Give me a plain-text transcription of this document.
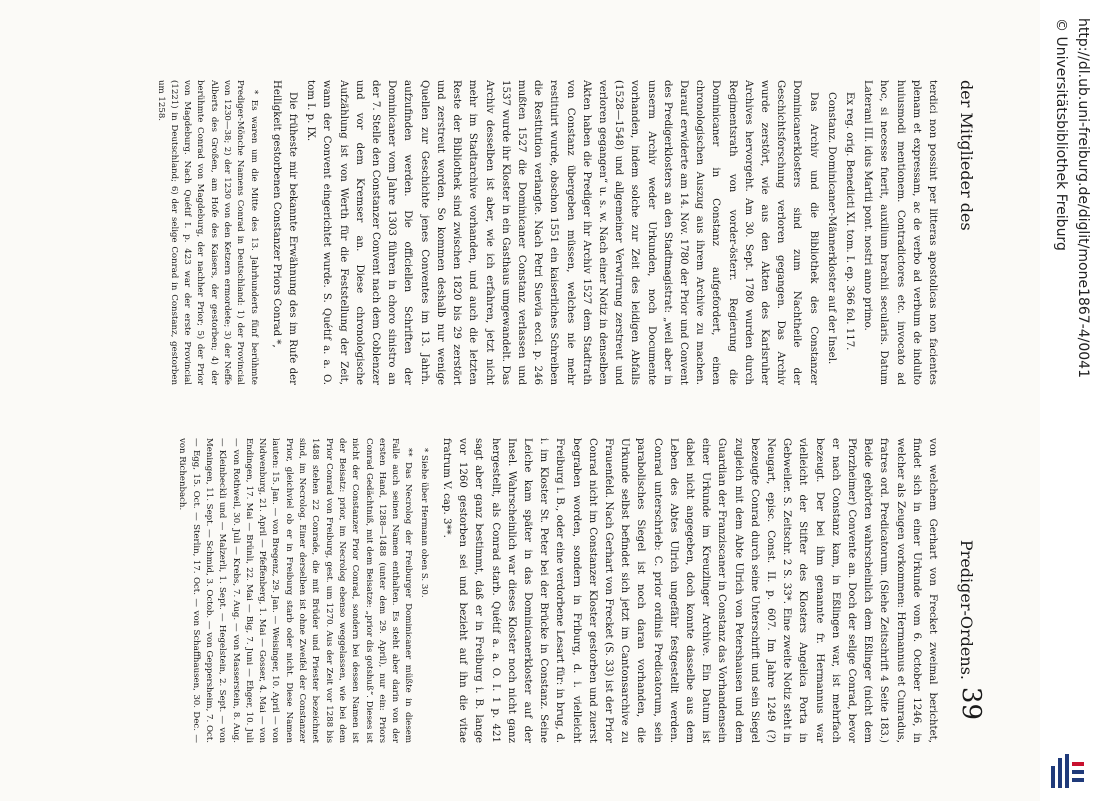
der Mitglieder des
Prediger-Ordens.
39

terdici non possint per litteras apostolicas non facientes plenam et expressam, ac de verbo ad verbum de indulto huiusmodi mentionem. Contradictores etc. invocato ad hoc, si necesse fuerit, auxilium brachii secularis. Datum Laterani III. idus Martii pont. nostri anno primo.

Ex reg. orig. Benedicti XI. tom. I. ep. 366 fol. 117.

Constanz. Dominicaner-Männerkloster auf der Insel.

Das Archiv und die Bibliothek des Constanzer Dominicanerklosters sind zum Nachtheile der Geschichtsforschung verloren gegangen. Das Archiv wurde zerstört, wie aus den Akten des Karlsruher Archives hervorgeht. Am 30. Sept. 1780 wurden durch Regimentsrath von vorder-österr. Regierung die Dominicaner in Constanz aufgefordert, einen chronologischen Auszug aus ihrem Archive zu machen. Darauf erwiderte am 14. Nov. 1780 der Prior und Convent des Predigerklosters an den Stadtmagistrat: „weil aber in unserm Archiv weder Urkunden, noch Documente vorhanden, indem solche zur Zeit des leidigen Abfalls (1528—1548) und allgemeiner Verwirrung zerstreut und verloren gegangen“ u. s. w. Nach einer Notiz in denselben Akten haben die Prediger ihr Archiv 1527 dem Stadtrath von Constanz übergeben müssen, welches nie mehr restituirt wurde, obschon 1551 ein kaiserliches Schreiben die Restitution verlangte. Nach Petri Suevia eccl. p. 246 mußten 1527 die Dominicaner Constanz verlassen und 1537 wurde ihr Kloster in ein Gasthaus umgewandelt. Das Archiv desselben ist aber, wie ich erfahren, jetzt nicht mehr im Stadtarchive vorhanden, und auch die letzten Reste der Bibliothek sind zwischen 1820 bis 29 zerstört und zerstreut worden. So kommen deshalb nur wenige Quellen zur Geschichte jenes Conventes im 13. Jahrh. aufzufinden werden. Die officiellen Schriften der Dominicaner vom Jahre 1303 führen in choro sinistro an der 7. Stelle den Constanzer Convent nach dem Coblenzer und vor dem Kremser an. Diese chronologische Aufzählung ist von Werth für die Feststellung der Zeit, wann der Convent eingerichtet wurde. S. Quétif a. a. O. tom I. p. IX.

Die früheste mir bekannte Erwähnung des im Rufe der Heiligkeit gestorbenen Constanzer Priors Conrad *,

* Es waren um die Mitte des 13. Jahrhunderts fünf berühmte Prediger-Mönche Namens Conrad in Deutschland: 1) der Provincial von 1230—38; 2) der 1230 von den Ketzern ermordete; 3) der Neffe Alberts des Großen, am Hofe des Kaisers, der gestorben; 4) der berühmte Conrad von Magdeburg, der nachher Prior; 5) der Prior von Magdeburg. Nach Quétif I. p. 423 war der erste Provincial (1221) in Deutschland; 6) der selige Conrad in Constanz, gestorben um 1258.

von welchem Gerhart von Frecket zweimal berichtet, findet sich in einer Urkunde vom 6. October 1246, in welcher als Zeugen vorkommen: Hermannus et Cunradus, fratres ord. Predicatorum. (Siehe Zeitschrift 4 Seite 183.) Beide gehörten wahrscheinlich dem Eßlinger (nicht dem Pforzheimer) Convente an. Doch der selige Conrad, bevor er nach Constanz kam, in Eßlingen war, ist mehrfach bezeugt. Der bei ihm genannte fr. Hermannus war vielleicht der Stifter des Klosters Angelica Porta in Gebweiler. S. Zeitschr. 2 S. 33*. Eine zweite Notiz steht in Neugart, episc. Const. II. p. 607. Im Jahre 1249 (?) bezeugte Conrad durch seine Unterschrift und sein Siegel zugleich mit dem Abte Ulrich von Petershausen und dem Guardian der Franziscaner in Constanz das Vorhandensein einer Urkunde im Kreuzlinger Archive. Ein Datum ist dabei nicht angegeben, doch konnte dasselbe aus dem Leben des Abtes Ulrich ungefähr festgestellt werden. Conrad unterschrieb: C. prior ordinis Predicatorum, sein parabolisches Siegel ist noch daran vorhanden, die Urkunde selbst befindet sich jetzt im Cantonsarchive zu Frauenfeld. Nach Gerhart von Frecket (S. 33) ist der Prior Conrad nicht im Constanzer Kloster gestorben und zuerst begraben worden, sondern in Friburg, d. i. vielleicht Freiburg i. B., oder eine verdorbene Lesart für: in brug, d. i. im Kloster St. Peter bei der Brücke in Constanz. Seine Leiche kam später in das Dominicanerkloster auf der Insel. Wahrscheinlich war dieses Kloster noch nicht ganz hergestellt, als Conrad starb. Quétif a. a. O. I. 1 p. 421 sagt aber ganz bestimmt, daß er in Freiburg i. B. lange vor 1260 gestorben sei und bezieht auf ihn die vitae fratrum V. cap. 3**.

* Siehe über Hermann oben S. 30.

** Das Necrolog der Freiburger Dominicaner müßte in diesem Falle auch seinen Namen enthalten. Es steht aber darin von der ersten Hand, 1288—1488 (unter dem 29. April), nur ein: Priors Conrad Gedächtniß, mit dem Beisatze: „prior dis gotshuß“. Dieses ist nicht der Constanzer Prior Conrad, sondern bei dessen Namen ist der Beisatz: prior, im Necrolog ebenso weggelassen, wie bei dem Prior Conrad von Freiburg, gest. um 1270. Aus der Zeit vor 1288 bis 1488 stehen 22 Conrade, die mit Brüder und Priester bezeichnet sind, im Necrolog. Einer derselben ist ohne Zweifel der Constanzer Prior, gleichviel ob er in Freiburg starb oder nicht. Diese Namen lauten: 15. Jan. — von Bregenz, 29. Jan. — Weisinger, 10. April — von Nidwenburg, 21. April — Pfeffenberg, 1. Mai — Gosser, 4. Mai — von Endingen, 17. Mai — Brünli, 22. Mai — Big, 7. Juni — Ehger, 10. Juli — von Rothweil, 30. Juli — Krebs, 7. Aug. — von Masserstein, 8. Aug. — Kleinbeckli und — Malzerli, 1. Sept. — Hegelstein, 2. Sept. — von Meningen, 11. Sept. — Schmid, 3. Octob. — von Geppersheim, 7. Oct. — Egg, 15. Oct. — Sterlin, 17. Oct. — von Schaffhausen, 30. Dec. — von Richenbach.

http://dl.ub.uni-freiburg.de/diglit/mone1867-4/0041
© Universitätsbibliothek Freiburg
